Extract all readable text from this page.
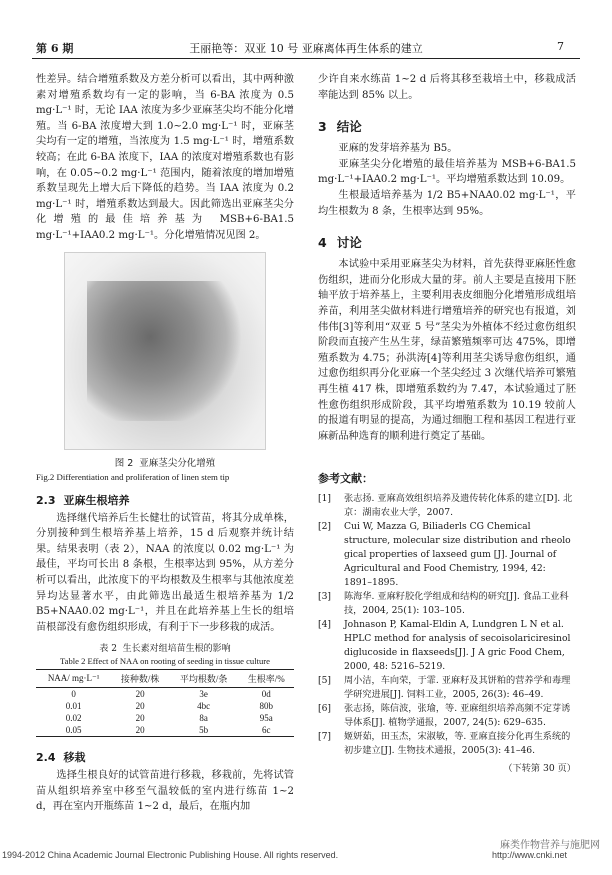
第 6 期	王丽艳等：双亚 10 号 亚麻离体再生体系的建立	7

性差异。结合增殖系数及方差分析可以看出，其中两种激素对增殖系数均有一定的影响，当 6-BA 浓度为 0.5 mg·L⁻¹ 时，无论 IAA 浓度为多少亚麻茎尖均不能分化增殖。当 6-BA 浓度增大到 1.0~2.0 mg·L⁻¹ 时，亚麻茎尖均有一定的增殖，当浓度为 1.5 mg·L⁻¹ 时，增殖系数较高；在此 6-BA 浓度下，IAA 的浓度对增殖系数也有影响，在 0.05~0.2 mg·L⁻¹ 范围内，随着浓度的增加增殖系数呈现先上增大后下降低的趋势。当 IAA 浓度为 0.2 mg·L⁻¹ 时，增殖系数达到最大。因此筛选出亚麻茎尖分化增殖的最佳培养基为 MSB+6-BA1.5 mg·L⁻¹+IAA0.2 mg·L⁻¹。分化增殖情况见图 2。

图 2 亚麻茎尖分化增殖
Fig.2 Differentiation and proliferation of linen stem tip
2.3 亚麻生根培养

选择继代培养后生长健壮的试管苗，将其分成单株，分别接种到生根培养基上培养，15 d 后观察并统计结果。结果表明（表 2），NAA 的浓度以 0.02 mg·L⁻¹ 为最佳，平均可长出 8 条根，生根率达到 95%，从方差分析可以看出，此浓度下的平均根数及生根率与其他浓度差异均达显著水平，由此筛选出最适生根培养基为 1/2 B5+NAA0.02 mg·L⁻¹，并且在此培养基上生长的组培苗根部没有愈伤组织形成，有利于下一步移栽的成活。

表 2 生长素对组培苗生根的影响
Table 2 Effect of NAA on rooting of seeding in tissue culture
NAA/ mg·L⁻¹	接种数/株	平均根数/条	生根率/%
0	20	3e	0d
0.01	20	4bc	80b
0.02	20	8a	95a
0.05	20	5b	6c
2.4 移栽

选择生根良好的试管苗进行移栽，移栽前，先将试管苗从组织培养室中移至气温较低的室内进行练苗 1~2 d，再在室内开瓶练苗 1~2 d，最后，在瓶内加

少许自来水练苗 1~2 d 后将其移至栽培土中，移栽成活率能达到 85% 以上。

3 结论

亚麻的发芽培养基为 B5。

亚麻茎尖分化增殖的最佳培养基为 MSB+6-BA1.5 mg·L⁻¹+IAA0.2 mg·L⁻¹。平均增殖系数达到 10.09。

生根最适培养基为 1/2 B5+NAA0.02 mg·L⁻¹，平均生根数为 8 条，生根率达到 95%。

4 讨论

本试验中采用亚麻茎尖为材料，首先获得亚麻胚性愈伤组织，进而分化形成大量的芽。前人主要是直接用下胚轴平放于培养基上，主要利用表皮细胞分化增殖形成组培养苗，利用茎尖做材料进行增殖培养的研究也有报道，刘伟伟[3]等利用“双亚 5 号”茎尖为外植体不经过愈伤组织阶段而直接产生丛生芽，绿苗繁殖频率可达 475%，即增殖系数为 4.75；孙洪涛[4]等利用茎尖诱导愈伤组织，通过愈伤组织再分化亚麻一个茎尖经过 3 次继代培养可繁殖再生植 417 株，即增殖系数约为 7.47，本试验通过了胚性愈伤组织形成阶段，其平均增殖系数为 10.19 较前人的报道有明显的提高，为通过细胞工程和基因工程进行亚麻新品种选育的顺利进行奠定了基础。

参考文献：
[1]	张志扬. 亚麻高效组织培养及遗传转化体系的建立[D]. 北京：湖南农业大学，2007.
[2]	Cui W, Mazza G, Biliaderls CG Chemical structure, molecular size distribution and rheolo gical properties of laxseed gum [J]. Journal of Agricultural and Food Chemistry, 1994, 42: 1891–1895.
[3]	陈海华. 亚麻籽胶化学组成和结构的研究[J]. 食品工业科技，2004, 25(1): 103–105.
[4]	Johnason P, Kamal-Eldin A, Lundgren L N et al. HPLC method for analysis of secoisolariciresinol diglucoside in flaxseeds[J]. J A gric Food Chem, 2000, 48: 5216–5219.
[5]	周小洁，车向荣，于霏. 亚麻籽及其饼粕的营养学和毒理学研究进展[J]. 饲料工业，2005, 26(3): 46–49.
[6]	张志扬，陈信波，张瑜，等. 亚麻组织培养高频不定芽诱导体系[J]. 植物学通报，2007, 24(5): 629–635.
[7]	姬妍茹，田玉杰，宋淑敏，等. 亚麻直接分化再生系统的初步建立[J]. 生物技术通报，2005(3): 41–46.
（下转第 30 页）
麻类作物营养与施肥网
1994-2012 China Academic Journal Electronic Publishing House. All rights reserved.	http://www.cnki.net
